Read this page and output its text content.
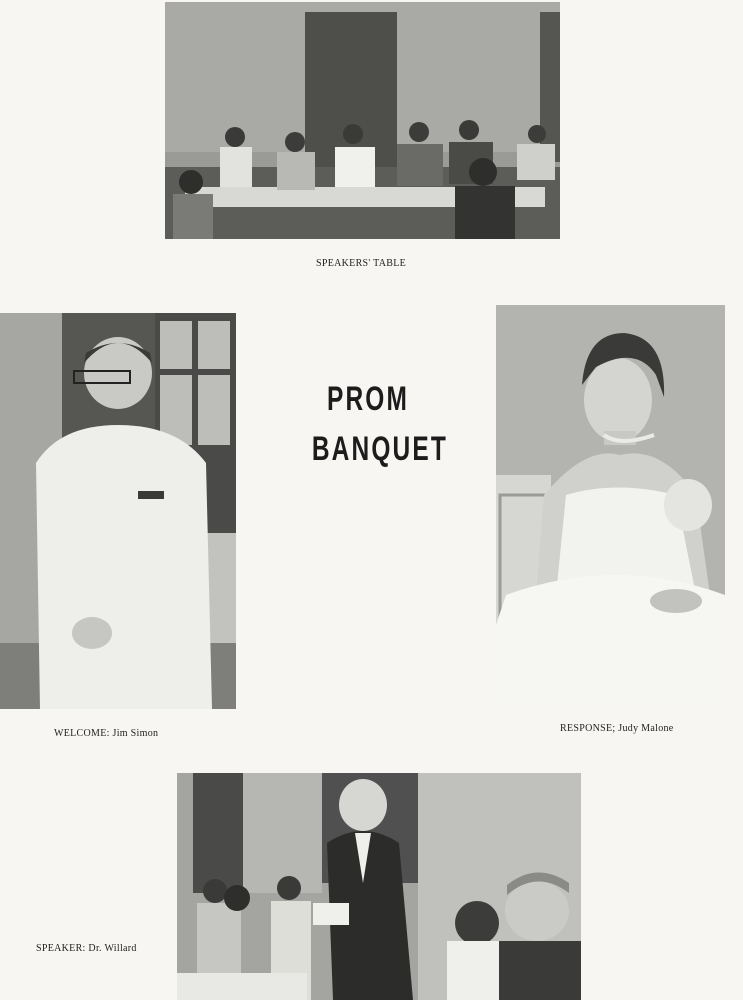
SPEAKERS' TABLE
WELCOME: Jim Simon
PROM
BANQUET
RESPONSE; Judy Malone
SPEAKER: Dr. Willard
